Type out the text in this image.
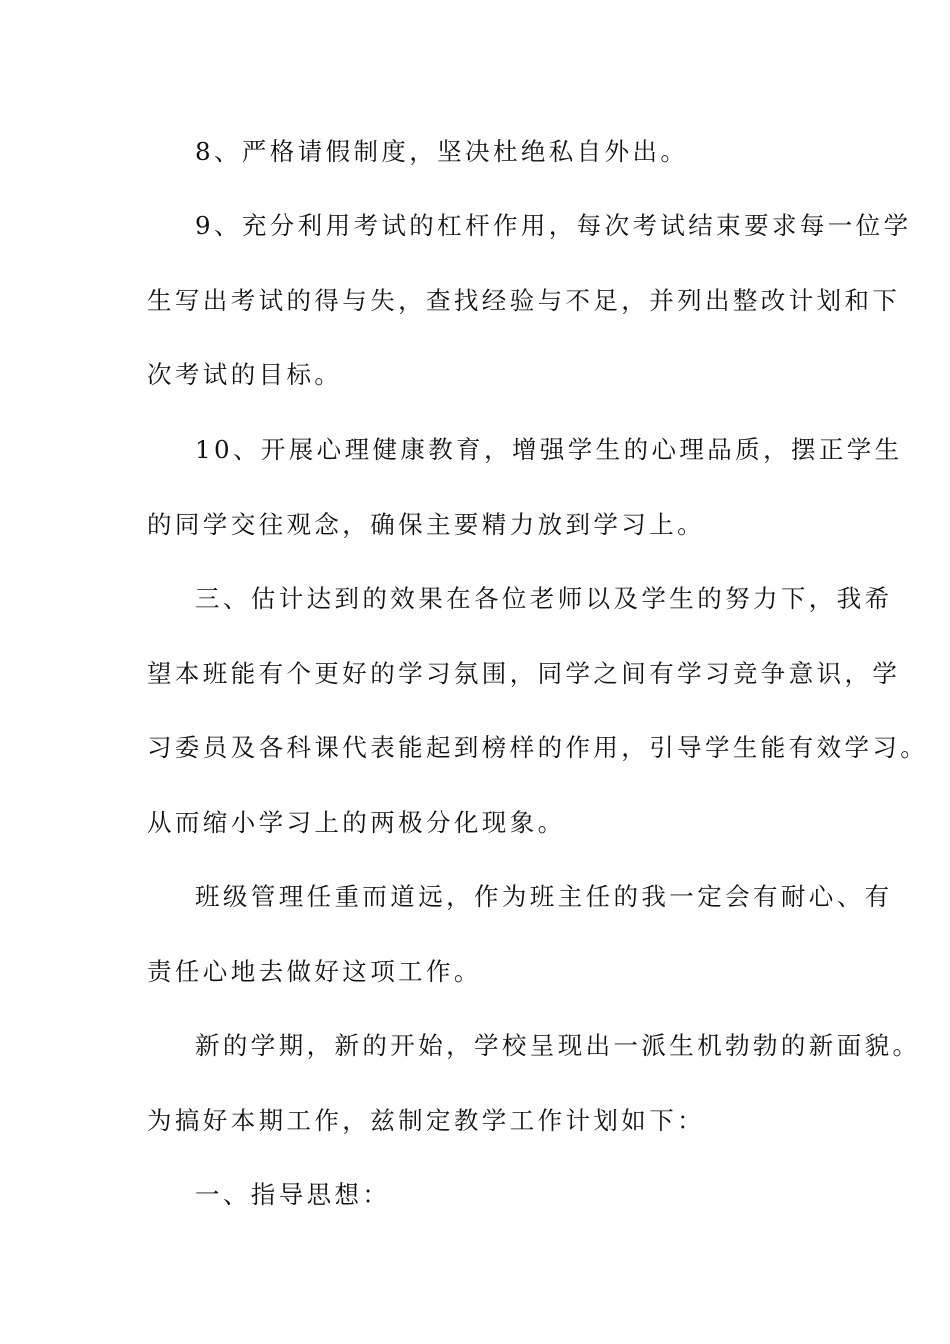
8、严格请假制度，坚决杜绝私自外出。
9、充分利用考试的杠杆作用，每次考试结束要求每一位学
生写出考试的得与失，查找经验与不足，并列出整改计划和下
次考试的目标。
10、开展心理健康教育，增强学生的心理品质，摆正学生
的同学交往观念，确保主要精力放到学习上。
三、估计达到的效果在各位老师以及学生的努力下，我希
望本班能有个更好的学习氛围，同学之间有学习竞争意识，学
习委员及各科课代表能起到榜样的作用，引导学生能有效学习。
从而缩小学习上的两极分化现象。
班级管理任重而道远，作为班主任的我一定会有耐心、有
责任心地去做好这项工作。
新的学期，新的开始，学校呈现出一派生机勃勃的新面貌。
为搞好本期工作，兹制定教学工作计划如下：
一、指导思想：
